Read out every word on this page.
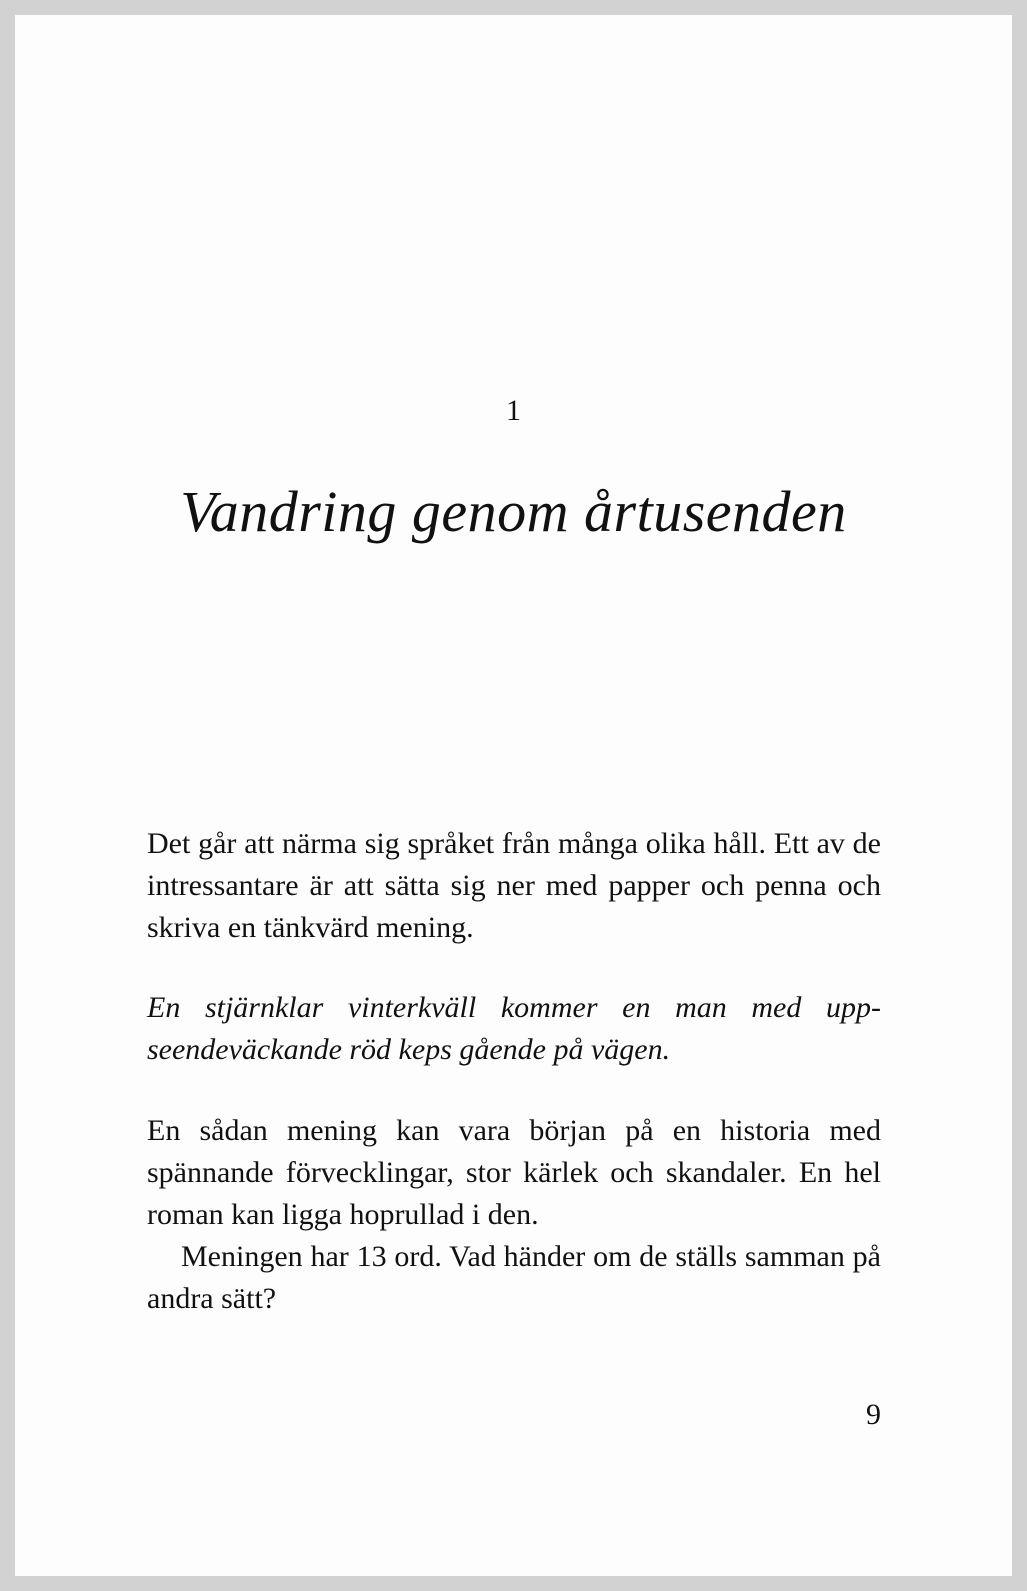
1
Vandring genom årtusenden

Det går att närma sig språket från många olika håll. Ett av de intressantare är att sätta sig ner med papper och penna och skriva en tänkvärd mening.

En stjärnklar vinterkväll kommer en man med uppseendeväckande röd keps gående på vägen.

En sådan mening kan vara början på en historia med spännande förvecklingar, stor kärlek och skandaler. En hel roman kan ligga hoprullad i den.

Meningen har 13 ord. Vad händer om de ställs samman på andra sätt?

9
